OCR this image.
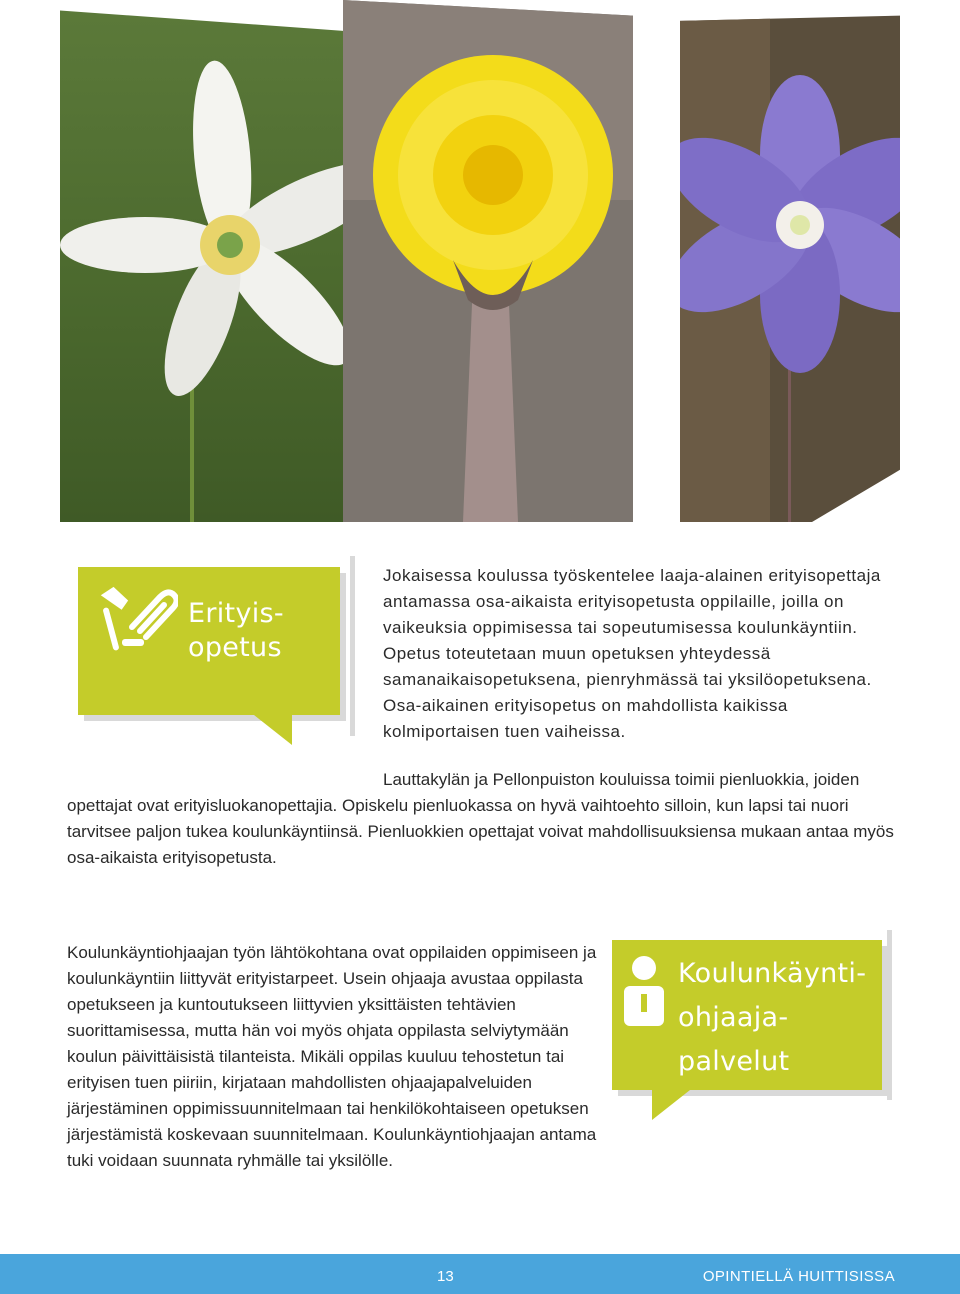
Erityis-
opetus

Jokaisessa koulussa työskentelee laaja-alainen erityisopettaja antamassa osa-aikaista erityisopetusta oppilaille, joilla on vaikeuksia oppimisessa tai sopeutumisessa koulunkäyntiin. Opetus toteutetaan muun opetuksen yhteydessä samanaikaisopetuksena, pienryhmässä tai yksilöopetuksena. Osa-aikainen erityisopetus on mahdollista kaikissa kolmiportaisen tuen vaiheissa.

Lauttakylän ja Pellonpuiston kouluissa toimii pienluokkia, joiden opettajat ovat erityisluokanopettajia. Opiskelu pienluokassa on hyvä vaihtoehto silloin, kun lapsi tai nuori tarvitsee paljon tukea koulunkäyntiinsä. Pienluokkien opettajat voivat mahdollisuuksiensa mukaan antaa myös osa-aikaista erityisopetusta.

Koulunkäynti-
ohjaaja-
palvelut
Koulunkäyntiohjaajan työn lähtökohtana ovat oppilaiden oppimiseen ja koulunkäyntiin liittyvät erityistarpeet. Usein ohjaaja avustaa oppilasta opetukseen ja kuntoutukseen liittyvien yksittäisten tehtävien suorittamisessa, mutta hän voi myös ohjata oppilasta selviytymään koulun päivittäisistä tilanteista. Mikäli oppilas kuuluu tehostetun tai erityisen tuen piiriin, kirjataan mahdollisten ohjaajapalveluiden järjestäminen oppimissuunnitelmaan tai henkilökohtaiseen opetuksen järjestämistä koskevaan suunnitelmaan. Koulunkäyntiohjaajan antama tuki voidaan suunnata ryhmälle tai yksilölle.
13	OPINTIELLÄ HUITTISISSA
